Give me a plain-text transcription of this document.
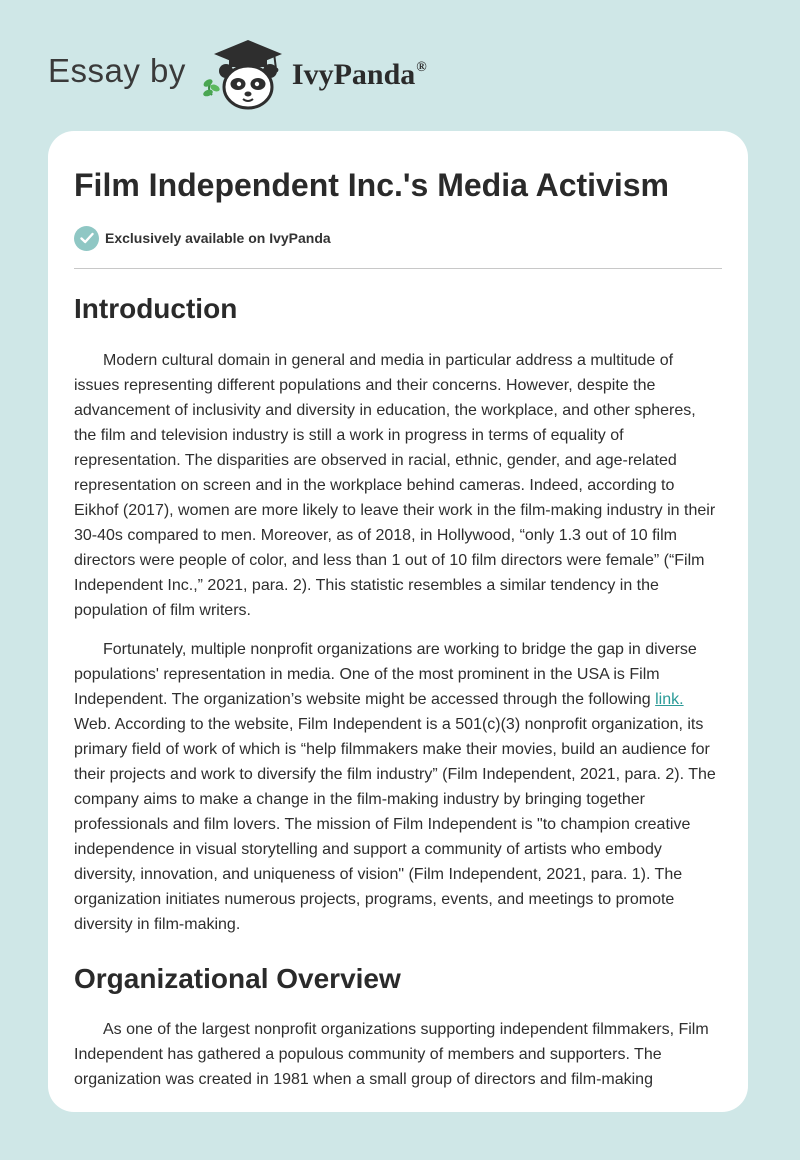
Essay by	IvyPanda®
Film Independent Inc.'s Media Activism
Exclusively available on IvyPanda
Introduction

Modern cultural domain in general and media in particular address a multitude of issues representing different populations and their concerns. However, despite the advancement of inclusivity and diversity in education, the workplace, and other spheres, the film and television industry is still a work in progress in terms of equality of representation. The disparities are observed in racial, ethnic, gender, and age-related representation on screen and in the workplace behind cameras. Indeed, according to Eikhof (2017), women are more likely to leave their work in the film-making industry in their 30-40s compared to men. Moreover, as of 2018, in Hollywood, “only 1.3 out of 10 film directors were people of color, and less than 1 out of 10 film directors were female” (“Film Independent Inc.,” 2021, para. 2). This statistic resembles a similar tendency in the population of film writers.

Fortunately, multiple nonprofit organizations are working to bridge the gap in diverse populations' representation in media. One of the most prominent in the USA is Film Independent. The organization’s website might be accessed through the following link. Web. According to the website, Film Independent is a 501(c)(3) nonprofit organization, its primary field of work of which is “help filmmakers make their movies, build an audience for their projects and work to diversify the film industry” (Film Independent, 2021, para. 2). The company aims to make a change in the film-making industry by bringing together professionals and film lovers. The mission of Film Independent is "to champion creative independence in visual storytelling and support a community of artists who embody diversity, innovation, and uniqueness of vision" (Film Independent, 2021, para. 1). The organization initiates numerous projects, programs, events, and meetings to promote diversity in film-making.

Organizational Overview

As one of the largest nonprofit organizations supporting independent filmmakers, Film Independent has gathered a populous community of members and supporters. The organization was created in 1981 when a small group of directors and film-making
